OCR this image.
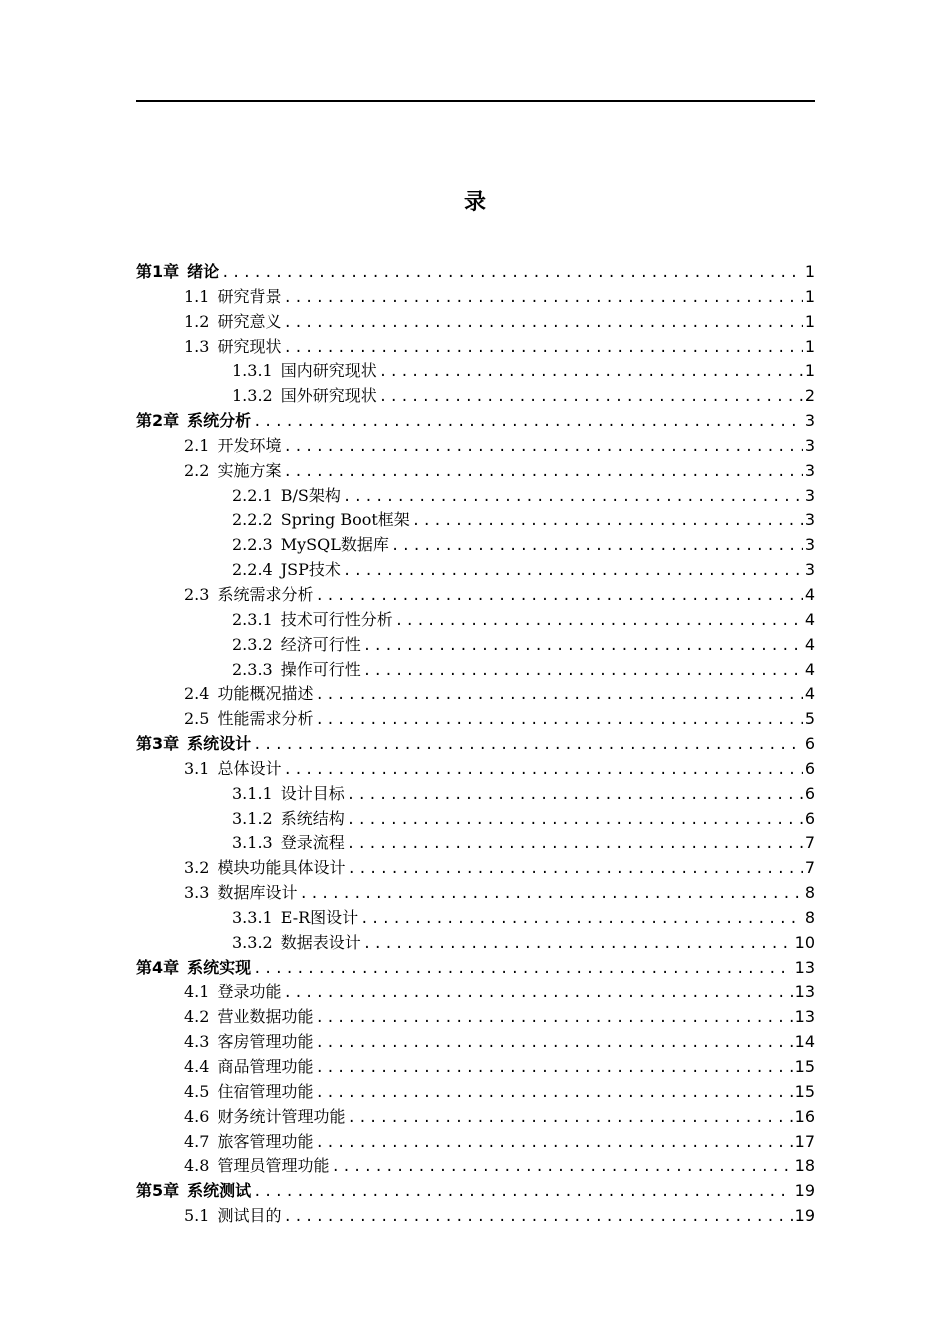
录
第1章 绪论 .....	1
1.1 研究背景 .....	1
1.2 研究意义 .....	1
1.3 研究现状 .....	1
1.3.1 国内研究现状 .....	1
1.3.2 国外研究现状 .....	2
第2章 系统分析 .....	3
2.1 开发环境 .....	3
2.2 实施方案 .....	3
2.2.1 B/S架构 .....	3
2.2.2 Spring Boot框架 .....	3
2.2.3 MySQL数据库 .....	3
2.2.4 JSP技术 .....	3
2.3 系统需求分析 .....	4
2.3.1 技术可行性分析 .....	4
2.3.2 经济可行性 .....	4
2.3.3 操作可行性 .....	4
2.4 功能概况描述 .....	4
2.5 性能需求分析 .....	5
第3章 系统设计 .....	6
3.1 总体设计 .....	6
3.1.1 设计目标 .....	6
3.1.2 系统结构 .....	6
3.1.3 登录流程 .....	7
3.2 模块功能具体设计 .....	7
3.3 数据库设计 .....	8
3.3.1 E-R图设计 .....	8
3.3.2 数据表设计 .....	10
第4章 系统实现 .....	13
4.1 登录功能 .....	13
4.2 营业数据功能 .....	13
4.3 客房管理功能 .....	14
4.4 商品管理功能 .....	15
4.5 住宿管理功能 .....	15
4.6 财务统计管理功能 .....	16
4.7 旅客管理功能 .....	17
4.8 管理员管理功能 .....	18
第5章 系统测试 .....	19
5.1 测试目的 .....	19
